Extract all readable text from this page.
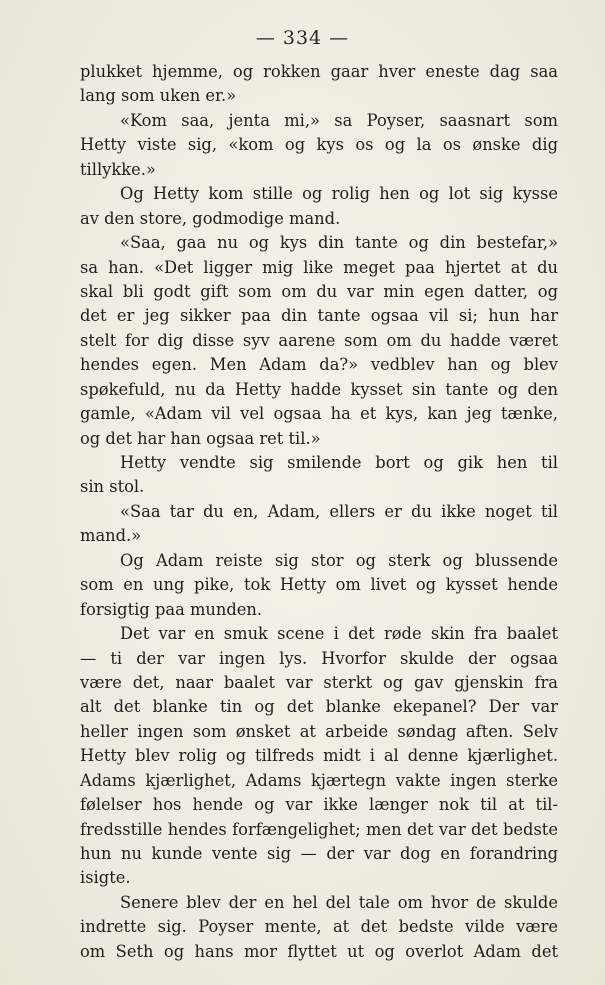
— 334 —
plukket hjemme, og rokken gaar hver eneste dag saa
lang som uken er.»
«Kom saa, jenta mi,» sa Poyser, saasnart som
Hetty viste sig, «kom og kys os og la os ønske dig
tillykke.»
Og Hetty kom stille og rolig hen og lot sig kysse
av den store, godmodige mand.
«Saa, gaa nu og kys din tante og din bestefar,»
sa han. «Det ligger mig like meget paa hjertet at du
skal bli godt gift som om du var min egen datter, og
det er jeg sikker paa din tante ogsaa vil si; hun har
stelt for dig disse syv aarene som om du hadde været
hendes egen. Men Adam da?» vedblev han og blev
spøkefuld, nu da Hetty hadde kysset sin tante og den
gamle, «Adam vil vel ogsaa ha et kys, kan jeg tænke,
og det har han ogsaa ret til.»
Hetty vendte sig smilende bort og gik hen til
sin stol.
«Saa tar du en, Adam, ellers er du ikke noget til
mand.»
Og Adam reiste sig stor og sterk og blussende
som en ung pike, tok Hetty om livet og kysset hende
forsigtig paa munden.
Det var en smuk scene i det røde skin fra baalet
— ti der var ingen lys. Hvorfor skulde der ogsaa
være det, naar baalet var sterkt og gav gjenskin fra
alt det blanke tin og det blanke ekepanel? Der var
heller ingen som ønsket at arbeide søndag aften. Selv
Hetty blev rolig og tilfreds midt i al denne kjærlighet.
Adams kjærlighet, Adams kjærtegn vakte ingen sterke
følelser hos hende og var ikke længer nok til at til-
fredsstille hendes forfængelighet; men det var det bedste
hun nu kunde vente sig — der var dog en forandring
isigte.
Senere blev der en hel del tale om hvor de skulde
indrette sig. Poyser mente, at det bedste vilde være
om Seth og hans mor flyttet ut og overlot Adam det
